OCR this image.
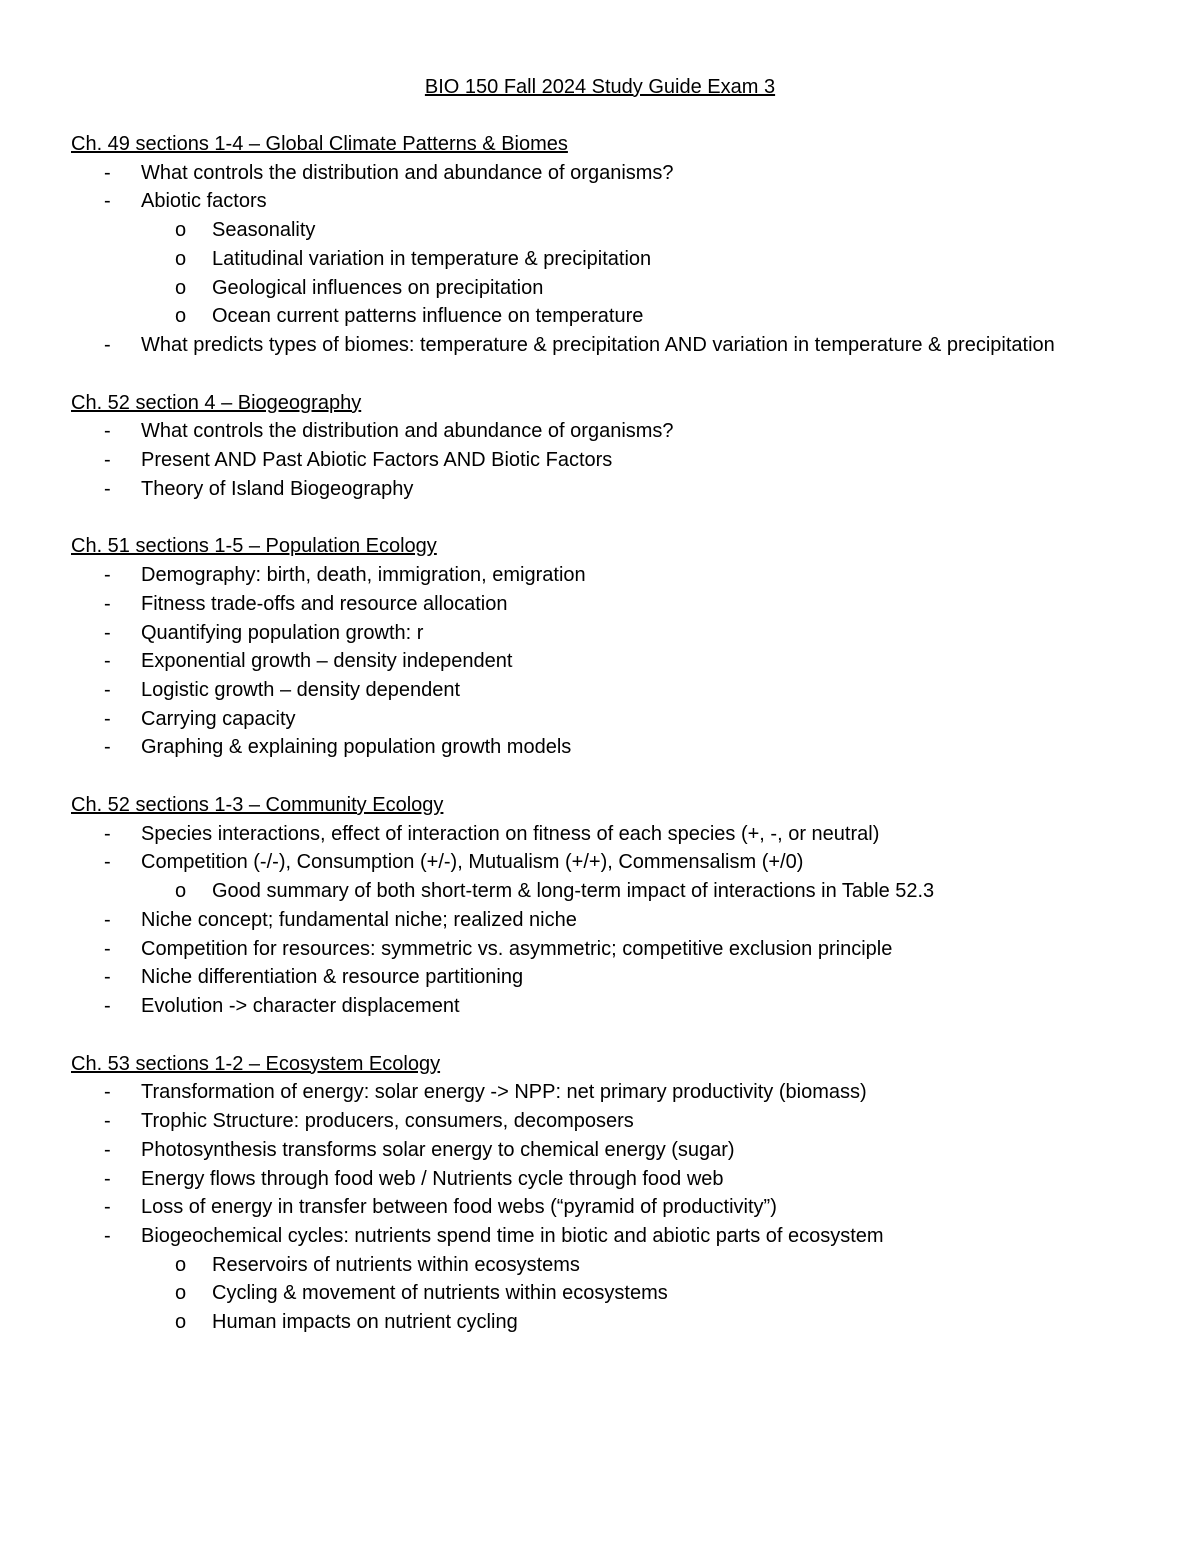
BIO 150 Fall 2024 Study Guide Exam 3
Ch. 49 sections 1-4 – Global Climate Patterns & Biomes
- What controls the distribution and abundance of organisms?
- Abiotic factors
o Seasonality
o Latitudinal variation in temperature & precipitation
o Geological influences on precipitation
o Ocean current patterns influence on temperature
- What predicts types of biomes: temperature & precipitation AND variation in temperature & precipitation
Ch. 52 section 4 – Biogeography
- What controls the distribution and abundance of organisms?
- Present AND Past Abiotic Factors AND Biotic Factors
- Theory of Island Biogeography
Ch. 51 sections 1-5 – Population Ecology
- Demography: birth, death, immigration, emigration
- Fitness trade-offs and resource allocation
- Quantifying population growth: r
- Exponential growth – density independent
- Logistic growth – density dependent
- Carrying capacity
- Graphing & explaining population growth models
Ch. 52 sections 1-3 – Community Ecology
- Species interactions, effect of interaction on fitness of each species (+, -, or neutral)
- Competition (-/-), Consumption (+/-), Mutualism (+/+), Commensalism (+/0)
o Good summary of both short-term & long-term impact of interactions in Table 52.3
- Niche concept; fundamental niche; realized niche
- Competition for resources: symmetric vs. asymmetric; competitive exclusion principle
- Niche differentiation & resource partitioning
- Evolution -> character displacement
Ch. 53 sections 1-2 – Ecosystem Ecology
- Transformation of energy: solar energy -> NPP: net primary productivity (biomass)
- Trophic Structure: producers, consumers, decomposers
- Photosynthesis transforms solar energy to chemical energy (sugar)
- Energy flows through food web / Nutrients cycle through food web
- Loss of energy in transfer between food webs (“pyramid of productivity”)
- Biogeochemical cycles: nutrients spend time in biotic and abiotic parts of ecosystem
o Reservoirs of nutrients within ecosystems
o Cycling & movement of nutrients within ecosystems
o Human impacts on nutrient cycling
